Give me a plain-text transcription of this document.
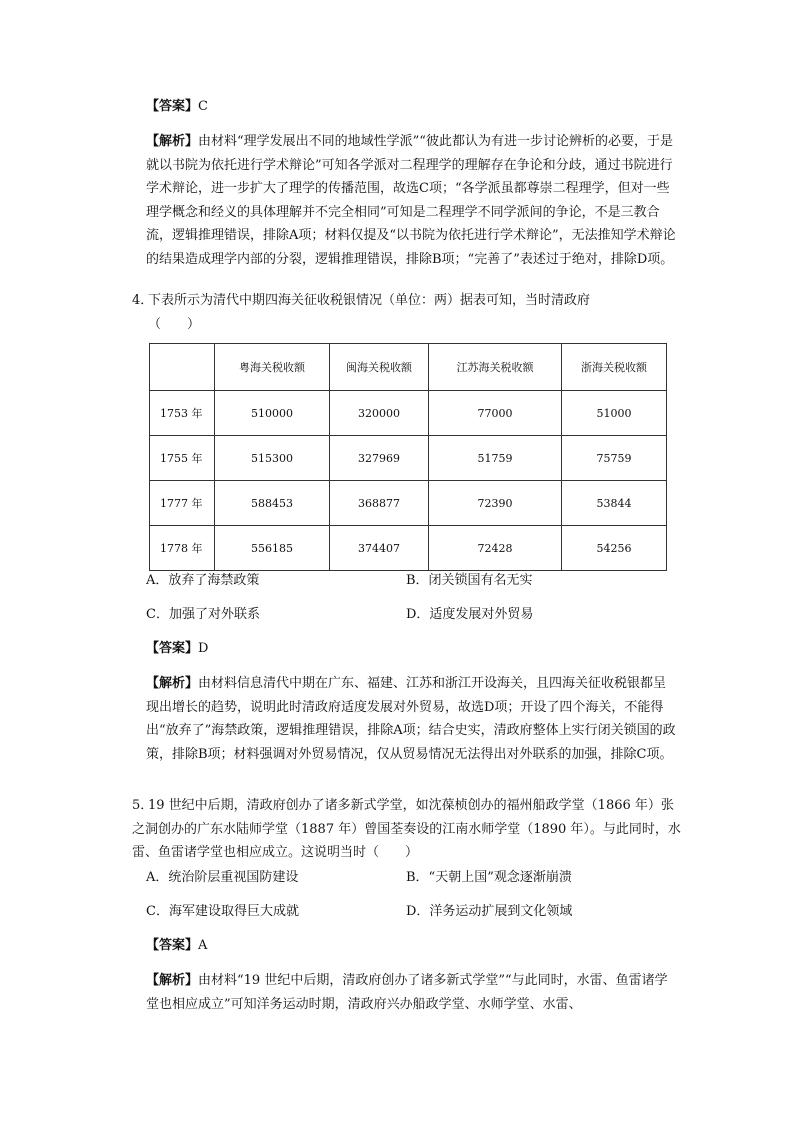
【答案】C
【解析】由材料“理学发展出不同的地域性学派”“彼此都认为有进一步讨论辨析的必要，于是就以书院为依托进行学术辩论”可知各学派对二程理学的理解存在争论和分歧，通过书院进行学术辩论，进一步扩大了理学的传播范围，故选C项；“各学派虽都尊崇二程理学，但对一些理学概念和经义的具体理解并不完全相同”可知是二程理学不同学派间的争论，不是三教合流，逻辑推理错误，排除A项；材料仅提及“以书院为依托进行学术辩论”，无法推知学术辩论的结果造成理学内部的分裂，逻辑推理错误，排除B项；“完善了”表述过于绝对，排除D项。
4．下表所示为清代中期四海关征收税银情况（单位：两）据表可知，当时清政府
（　　）
	粤海关税收额	闽海关税收额	江苏海关税收额	浙海关税收额
1753 年	510000	320000	77000	51000
1755 年	515300	327969	51759	75759
1777 年	588453	368877	72390	53844
1778 年	556185	374407	72428	54256
A．放弃了海禁政策	B．闭关锁国有名无实
C．加强了对外联系	D．适度发展对外贸易
【答案】D
【解析】由材料信息清代中期在广东、福建、江苏和浙江开设海关，且四海关征收税银都呈现出增长的趋势，说明此时清政府适度发展对外贸易，故选D项；开设了四个海关，不能得出“放弃了”海禁政策，逻辑推理错误，排除A项；结合史实，清政府整体上实行闭关锁国的政策，排除B项；材料强调对外贸易情况，仅从贸易情况无法得出对外联系的加强，排除C项。
5．19 世纪中后期，清政府创办了诸多新式学堂，如沈葆桢创办的福州船政学堂（1866 年）张之洞创办的广东水陆师学堂（1887 年）曾国荃奏设的江南水师学堂（1890 年）。与此同时，水雷、鱼雷诸学堂也相应成立。这说明当时（　　）
A．统治阶层重视国防建设	B．“天朝上国”观念逐渐崩溃
C．海军建设取得巨大成就	D．洋务运动扩展到文化领域
【答案】A
【解析】由材料“19 世纪中后期，清政府创办了诸多新式学堂”“与此同时，水雷、鱼雷诸学堂也相应成立”可知洋务运动时期，清政府兴办船政学堂、水师学堂、水雷、
